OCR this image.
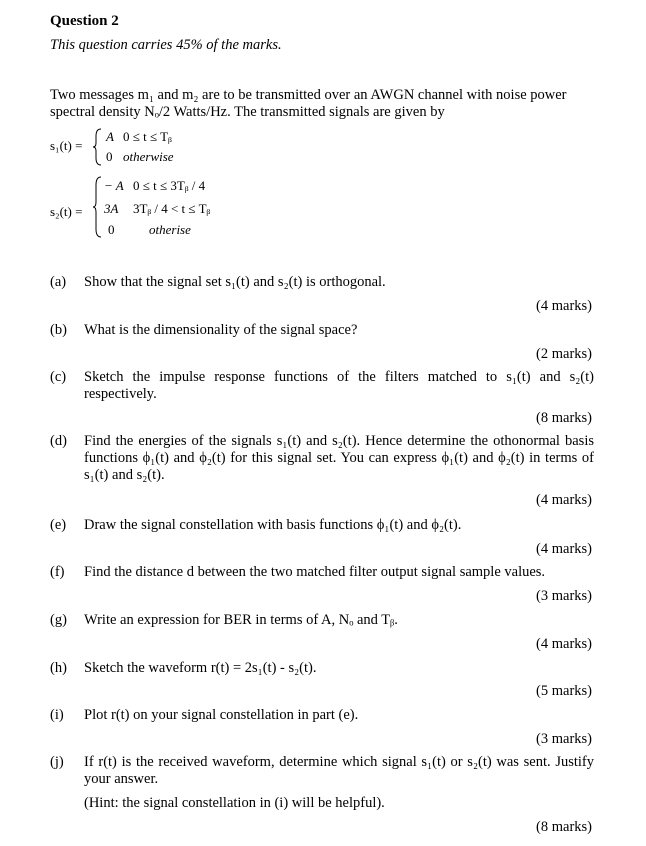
Question 2
This question carries 45% of the marks.
Two messages m₁ and m₂ are to be transmitted over an AWGN channel with noise power
spectral density Nₒ/2 Watts/Hz. The transmitted signals are given by
s₁(t) =
A 0 ≤ t ≤ Tᵦ
0 otherwise
s₂(t) =
− A 0 ≤ t ≤ 3Tᵦ / 4
3A 3Tᵦ / 4 < t ≤ Tᵦ
0	otherise
(a)	Show that the signal set s₁(t) and s₂(t) is orthogonal.
(4 marks)
(b)	What is the dimensionality of the signal space?
(2 marks)
(c)	Sketch the impulse response functions of the filters matched to s₁(t) and s₂(t) respectively.
(8 marks)
(d)	Find the energies of the signals s₁(t) and s₂(t). Hence determine the othonormal basis functions ϕ₁(t) and ϕ₂(t) for this signal set. You can express ϕ₁(t) and ϕ₂(t) in terms of s₁(t) and s₂(t).
(4 marks)
(e)	Draw the signal constellation with basis functions ϕ₁(t) and ϕ₂(t).
(4 marks)
(f)	Find the distance d between the two matched filter output signal sample values.
(3 marks)
(g)	Write an expression for BER in terms of A, Nₒ and Tᵦ.
(4 marks)
(h)	Sketch the waveform r(t) = 2s₁(t) - s₂(t).
(5 marks)
(i)	Plot r(t) on your signal constellation in part (e).
(3 marks)
(j)	If r(t) is the received waveform, determine which signal s₁(t) or s₂(t) was sent. Justify your answer.
(Hint: the signal constellation in (i) will be helpful).
(8 marks)
